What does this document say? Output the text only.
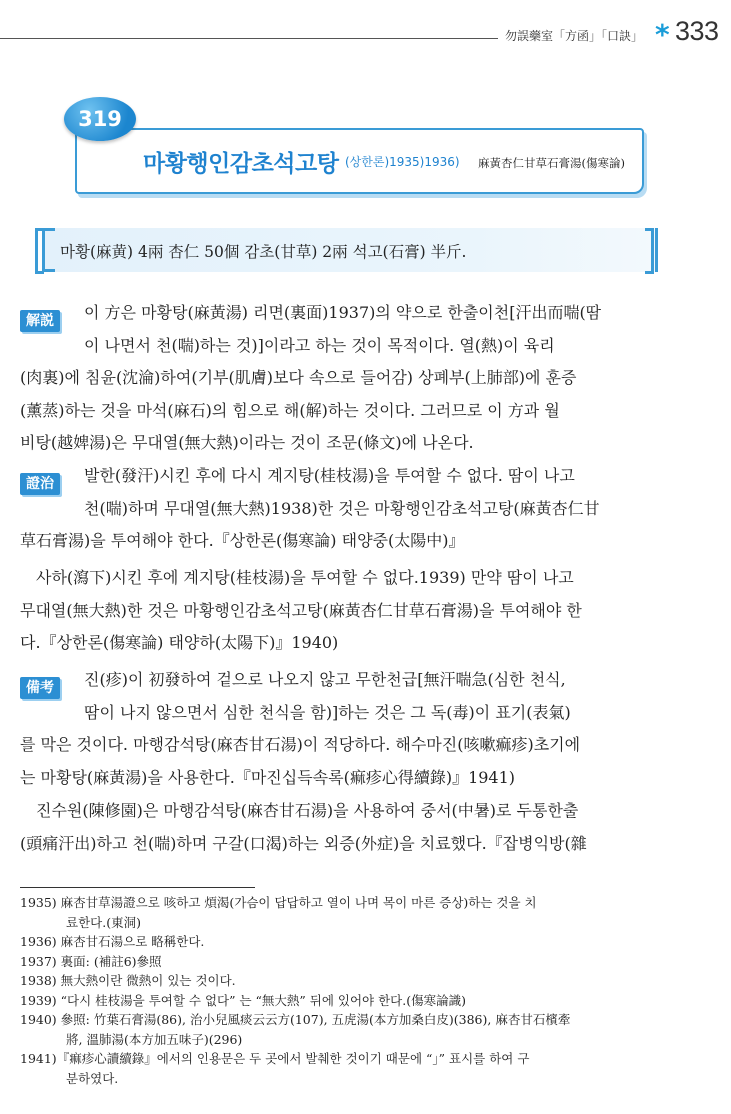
勿誤藥室「方函」「口訣」 * 333
319
마황행인감초석고탕 (상한론)1935)1936) 麻黃杏仁甘草石膏湯(傷寒論)
마황(麻黄) 4兩 杏仁 50個 감초(甘草) 2兩 석고(石膏) 半斤.
解説	이 方은 마황탕(麻黃湯) 리면(裏面)1937)의 약으로 한출이천[汗出而喘(땀
이 나면서 천(喘)하는 것)]이라고 하는 것이 목적이다. 열(熱)이 육리
(肉裏)에 침윤(沈淪)하여(기부(肌膚)보다 속으로 들어감) 상폐부(上肺部)에 훈증
(薰蒸)하는 것을 마석(麻石)의 힘으로 해(解)하는 것이다. 그러므로 이 方과 월
비탕(越婢湯)은 무대열(無大熱)이라는 것이 조문(條文)에 나온다.
證治	발한(發汗)시킨 후에 다시 계지탕(桂枝湯)을 투여할 수 없다. 땀이 나고
천(喘)하며 무대열(無大熱)1938)한 것은 마황행인감초석고탕(麻黃杏仁甘
草石膏湯)을 투여해야 한다.『상한론(傷寒論) 태양중(太陽中)』
사하(瀉下)시킨 후에 계지탕(桂枝湯)을 투여할 수 없다.1939) 만약 땀이 나고
무대열(無大熱)한 것은 마황행인감초석고탕(麻黃杏仁甘草石膏湯)을 투여해야 한
다.『상한론(傷寒論) 태양하(太陽下)』1940)
備考	진(疹)이 初發하여 겉으로 나오지 않고 무한천급[無汗喘急(심한 천식,
땀이 나지 않으면서 심한 천식을 함)]하는 것은 그 독(毒)이 표기(表氣)
를 막은 것이다. 마행감석탕(麻杏甘石湯)이 적당하다. 해수마진(咳嗽痲疹)초기에
는 마황탕(麻黃湯)을 사용한다.『마진십득속록(痲疹心得續錄)』1941)
진수원(陳修園)은 마행감석탕(麻杏甘石湯)을 사용하여 중서(中暑)로 두통한출
(頭痛汗出)하고 천(喘)하며 구갈(口渴)하는 외증(外症)을 치료했다.『잡병익방(雜
1935) 麻杏甘草湯證으로 咳하고 煩渴(가슴이 답답하고 열이 나며 목이 마른 증상)하는 것을 치
료한다.(東洞)
1936) 麻杏甘石湯으로 略稱한다.
1937) 裏面: (補註6)參照
1938) 無大熱이란 微熱이 있는 것이다.
1939) “다시 桂枝湯을 투여할 수 없다” 는 “無大熱” 뒤에 있어야 한다.(傷寒論識)
1940) 參照: 竹葉石膏湯(86), 治小兒風痰云云方(107), 五虎湯(本方加桑白皮)(386), 麻杏甘石檳牽
將, 溫肺湯(本方加五味子)(296)
1941)『痲疹心讀續錄』에서의 인용문은 두 곳에서 발췌한 것이기 때문에 “」” 표시를 하여 구
분하였다.
